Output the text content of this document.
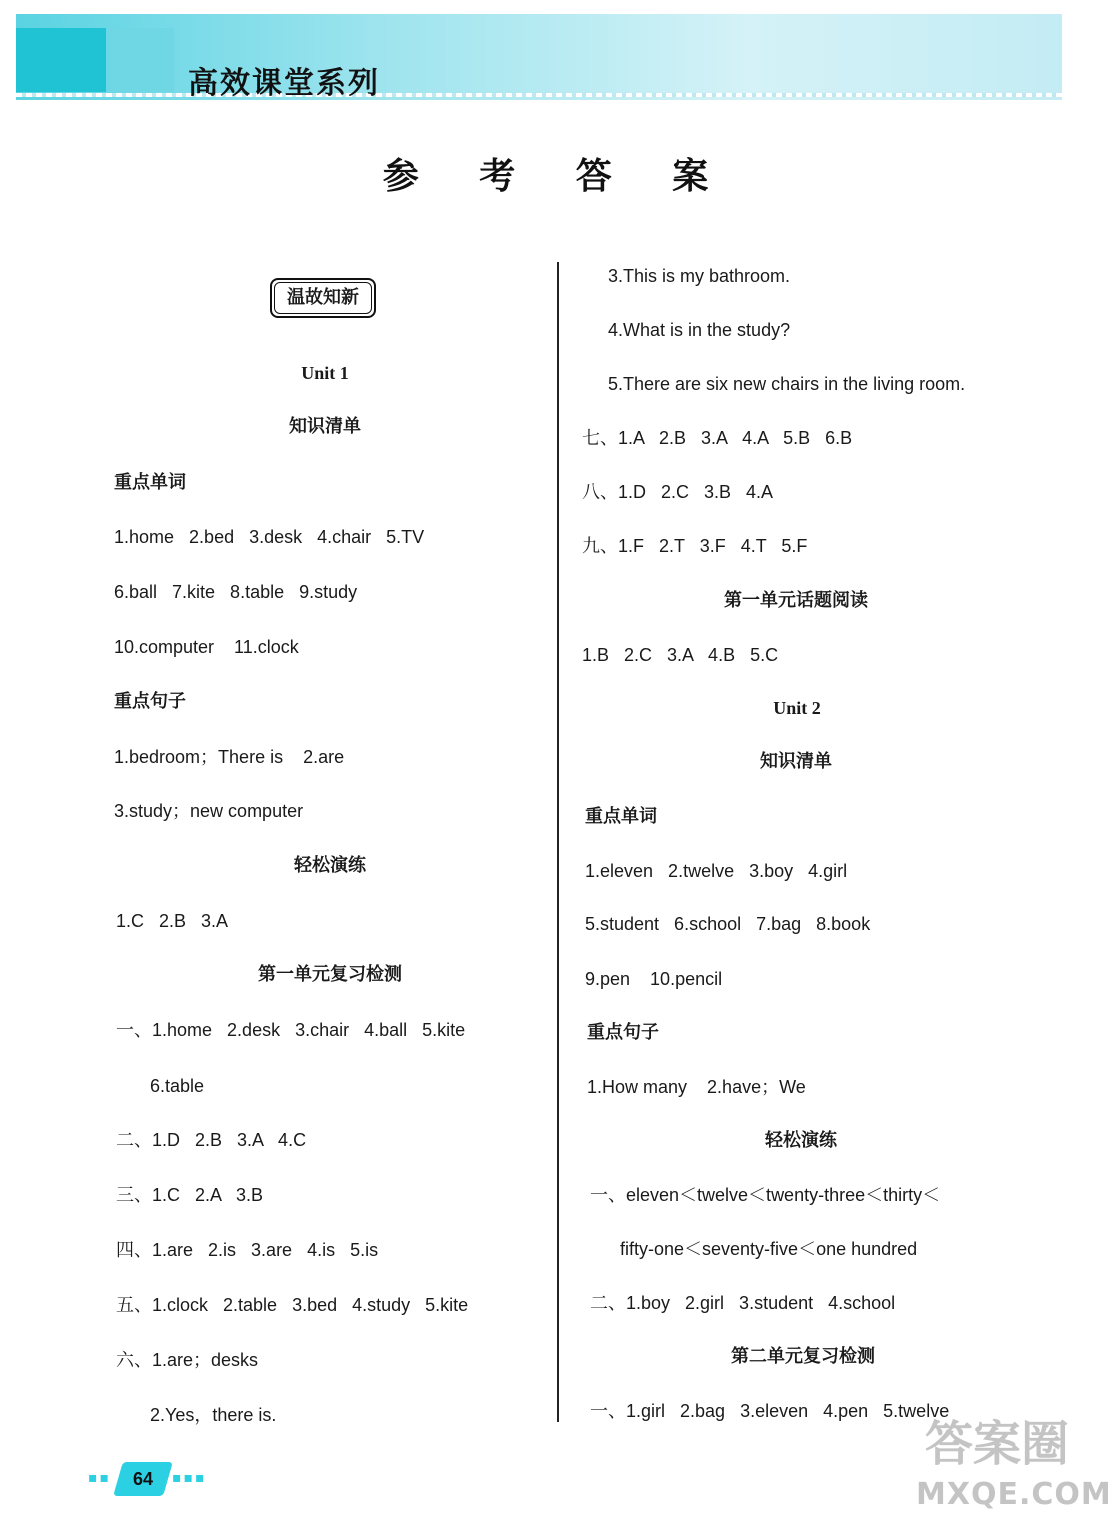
高效课堂系列
参 考 答 案
温故知新
Unit 1
知识清单
重点单词
1.home   2.bed   3.desk   4.chair   5.TV
6.ball   7.kite   8.table   9.study
10.computer    11.clock
重点句子
1.bedroom；There is    2.are
3.study；new computer
轻松演练
1.C   2.B   3.A
第一单元复习检测
一、1.home   2.desk   3.chair   4.ball   5.kite
6.table
二、1.D   2.B   3.A   4.C
三、1.C   2.A   3.B
四、1.are   2.is   3.are   4.is   5.is
五、1.clock   2.table   3.bed   4.study   5.kite
六、1.are；desks
2.Yes，there is.
3.This is my bathroom.
4.What is in the study?
5.There are six new chairs in the living room.
七、1.A   2.B   3.A   4.A   5.B   6.B
八、1.D   2.C   3.B   4.A
九、1.F   2.T   3.F   4.T   5.F
第一单元话题阅读
1.B   2.C   3.A   4.B   5.C
Unit 2
知识清单
重点单词
1.eleven   2.twelve   3.boy   4.girl
5.student   6.school   7.bag   8.book
9.pen    10.pencil
重点句子
1.How many    2.have；We
轻松演练
一、eleven＜twelve＜twenty-three＜thirty＜
fifty-one＜seventy-five＜one hundred
二、1.boy   2.girl   3.student   4.school
第二单元复习检测
一、1.girl   2.bag   3.eleven   4.pen   5.twelve
▪▪	64	▪▪▪
答案圈
MXQE.COM
